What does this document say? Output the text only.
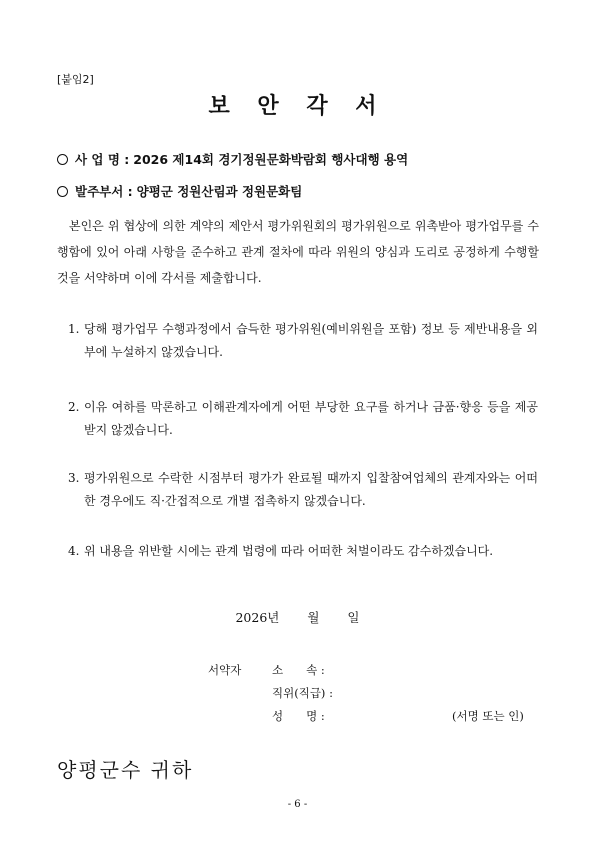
[붙임2]
보 안 각 서
사 업 명 : 2026 제14회 경기정원문화박람회 행사대행 용역
발주부서 : 양평군 정원산림과 정원문화팀
본인은 위 협상에 의한 계약의 제안서 평가위원회의 평가위원으로 위촉받아 평가업무를 수행함에 있어 아래 사항을 준수하고 관계 절차에 따라 위원의 양심과 도리로 공정하게 수행할 것을 서약하며 이에 각서를 제출합니다.
1. 당해 평가업무 수행과정에서 습득한 평가위원(예비위원을 포함) 정보 등 제반내용을 외부에 누설하지 않겠습니다.
2. 이유 여하를 막론하고 이해관계자에게 어떤 부당한 요구를 하거나 금품·향응 등을 제공받지 않겠습니다.
3. 평가위원으로 수락한 시점부터 평가가 완료될 때까지 입찰참여업체의 관계자와는 어떠한 경우에도 직·간접적으로 개별 접촉하지 않겠습니다.
4. 위 내용을 위반할 시에는 관계 법령에 따라 어떠한 처벌이라도 감수하겠습니다.
2026년 월 일
서약자	소　　속 :
직위(직급) :
성　　명 :	(서명 또는 인)
양평군수 귀하
- 6 -
